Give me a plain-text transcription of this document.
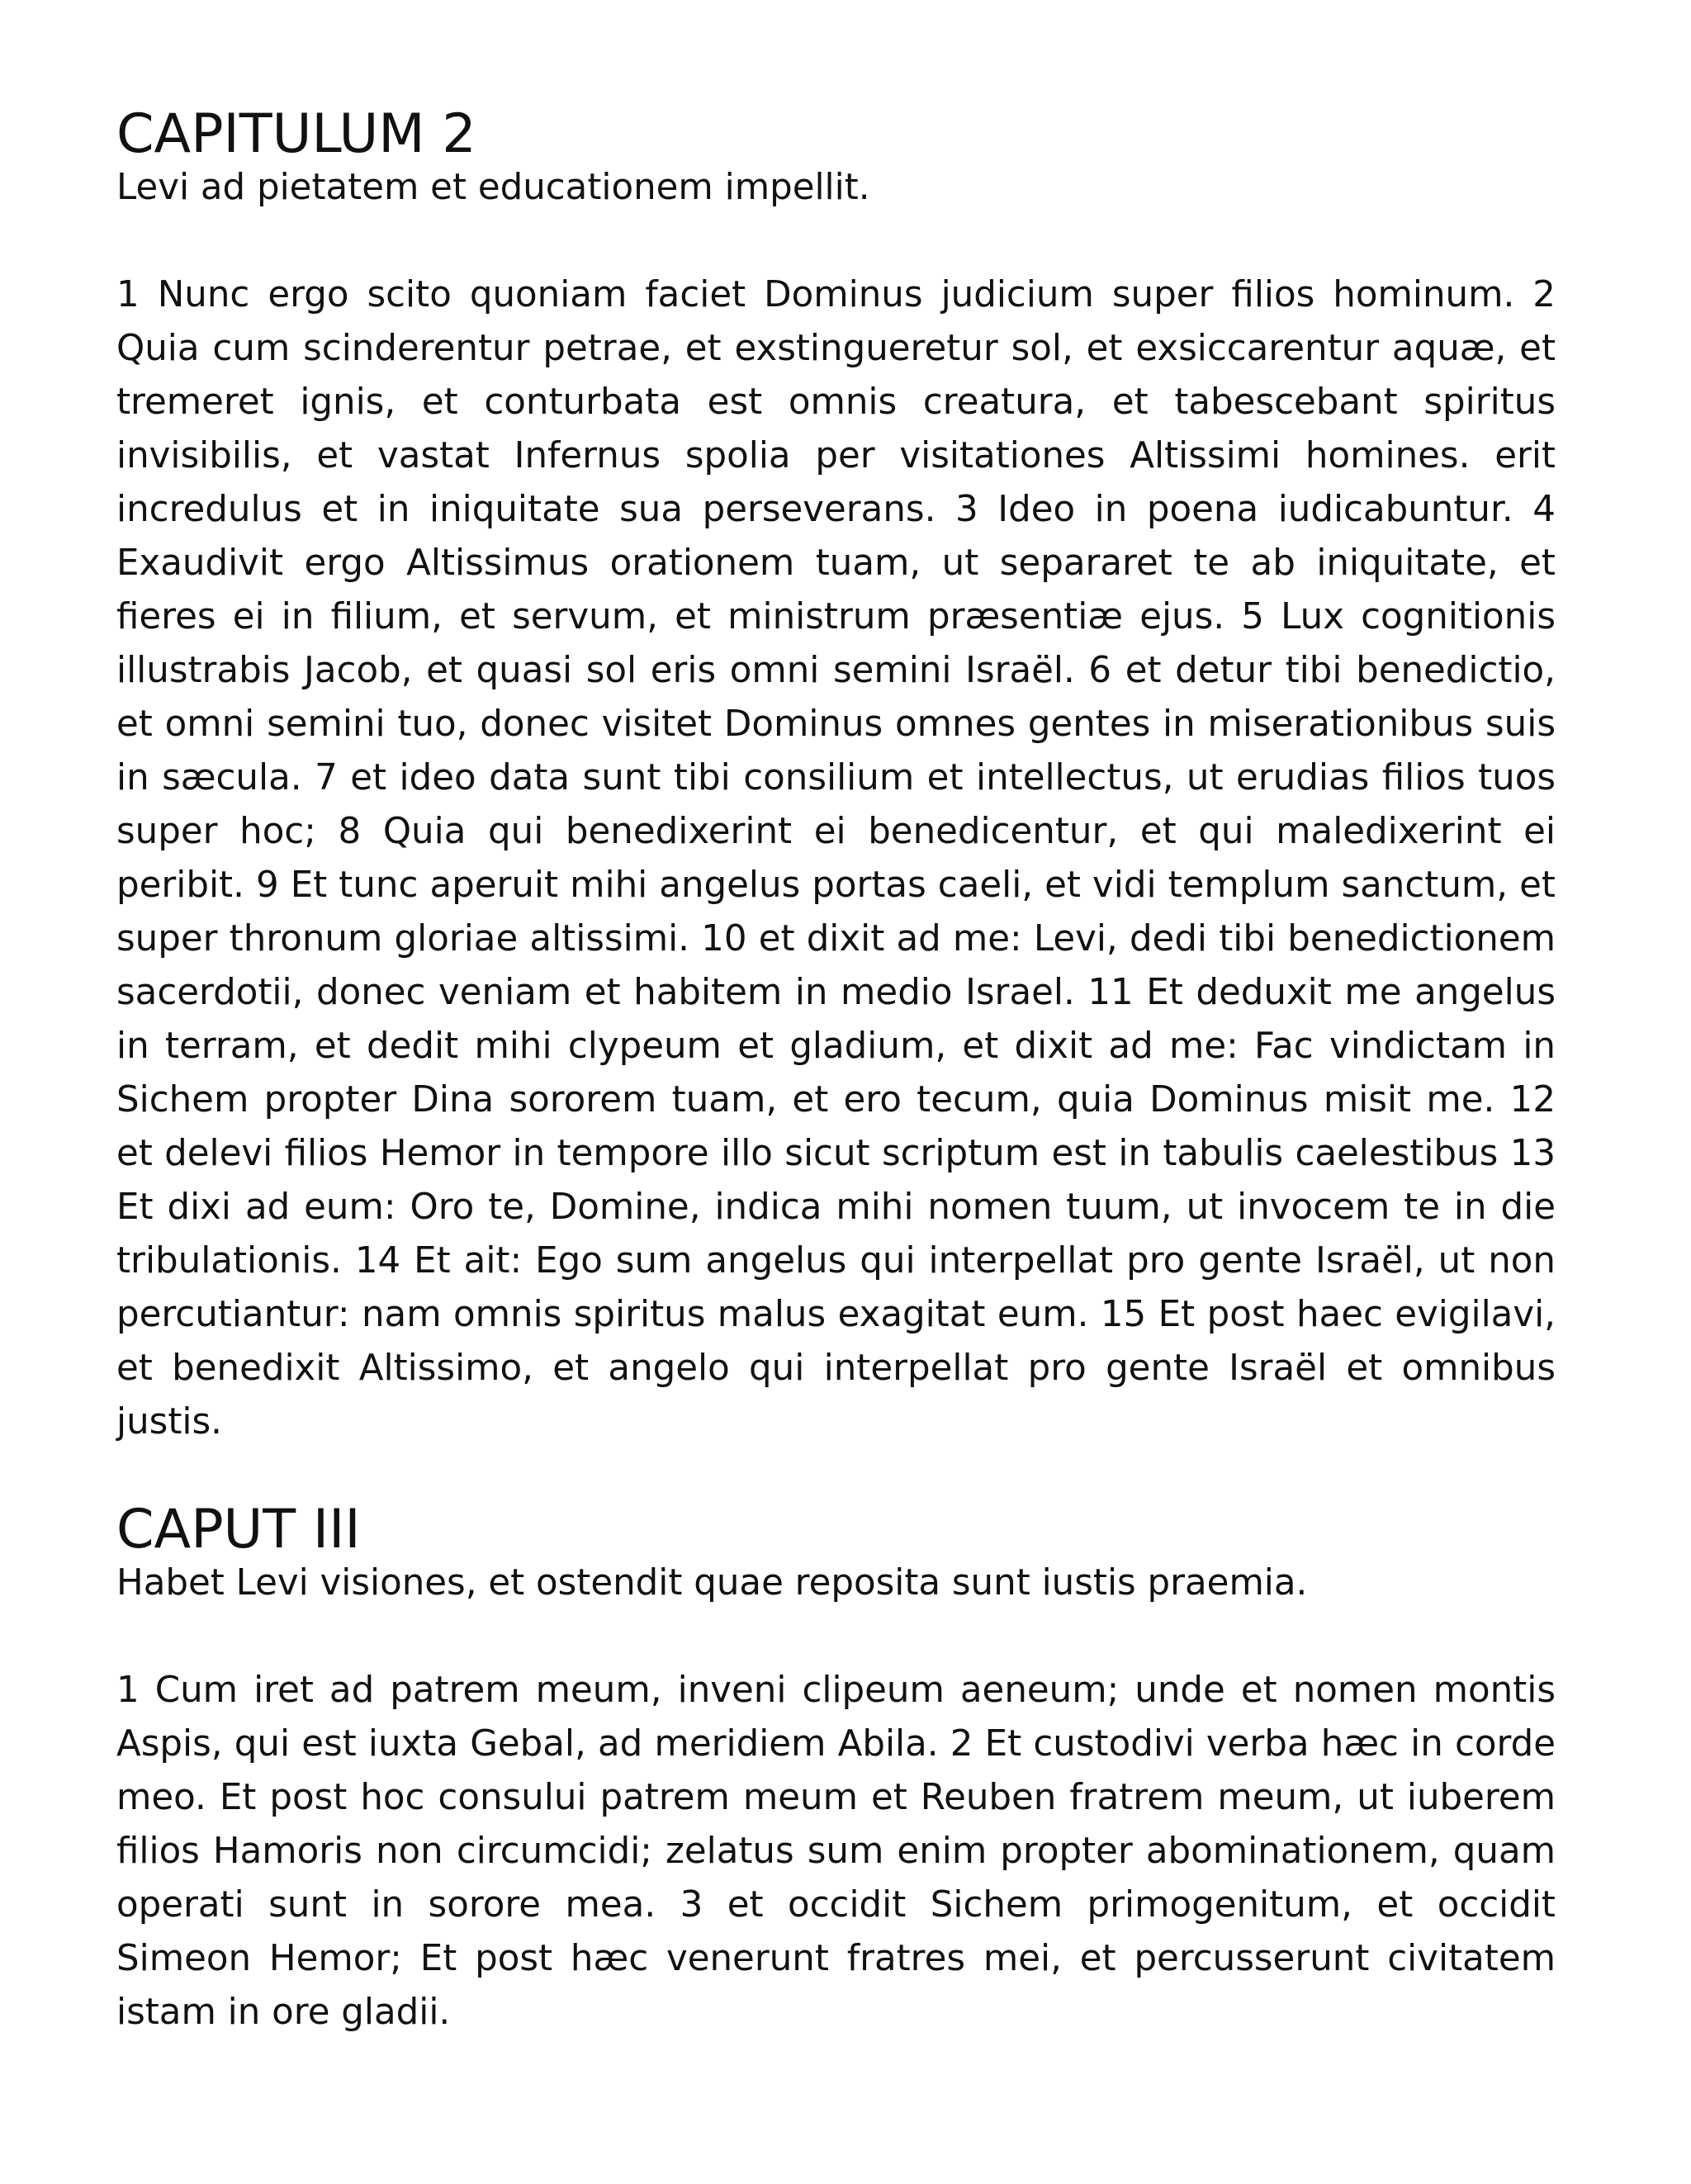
CAPITULUM 2

Levi ad pietatem et educationem impellit.

1 Nunc ergo scito quoniam faciet Dominus judicium super filios hominum. 2 Quia cum scinderentur petrae, et exstingueretur sol, et exsiccarentur aquæ, et tremeret ignis, et conturbata est omnis creatura, et tabescebant spiritus invisibilis, et vastat Infernus spolia per visitationes Altissimi homines. erit incredulus et in iniquitate sua perseverans. 3 Ideo in poena iudicabuntur. 4 Exaudivit ergo Altissimus orationem tuam, ut separaret te ab iniquitate, et fieres ei in filium, et servum, et ministrum præsentiæ ejus. 5 Lux cognitionis illustrabis Jacob, et quasi sol eris omni semini Israël. 6 et detur tibi benedictio, et omni semini tuo, donec visitet Dominus omnes gentes in miserationibus suis in sæcula. 7 et ideo data sunt tibi consilium et intellectus, ut erudias filios tuos super hoc; 8 Quia qui benedixerint ei benedicentur, et qui maledixerint ei peribit. 9 Et tunc aperuit mihi angelus portas caeli, et vidi templum sanctum, et super thronum gloriae altissimi. 10 et dixit ad me: Levi, dedi tibi benedictionem sacerdotii, donec veniam et habitem in medio Israel. 11 Et deduxit me angelus in terram, et dedit mihi clypeum et gladium, et dixit ad me: Fac vindictam in Sichem propter Dina sororem tuam, et ero tecum, quia Dominus misit me. 12 et delevi filios Hemor in tempore illo sicut scriptum est in tabulis caelestibus 13 Et dixi ad eum: Oro te, Domine, indica mihi nomen tuum, ut invocem te in die tribulationis. 14 Et ait: Ego sum angelus qui interpellat pro gente Israël, ut non percutiantur: nam omnis spiritus malus exagitat eum. 15 Et post haec evigilavi, et benedixit Altissimo, et angelo qui interpellat pro gente Israël et omnibus justis.

CAPUT III

Habet Levi visiones, et ostendit quae reposita sunt iustis praemia.

1 Cum iret ad patrem meum, inveni clipeum aeneum; unde et nomen montis Aspis, qui est iuxta Gebal, ad meridiem Abila. 2 Et custodivi verba hæc in corde meo. Et post hoc consului patrem meum et Reuben fratrem meum, ut iuberem filios Hamoris non circumcidi; zelatus sum enim propter abominationem, quam operati sunt in sorore mea. 3 et occidit Sichem primogenitum, et occidit Simeon Hemor; Et post hæc venerunt fratres mei, et percusserunt civitatem istam in ore gladii.
